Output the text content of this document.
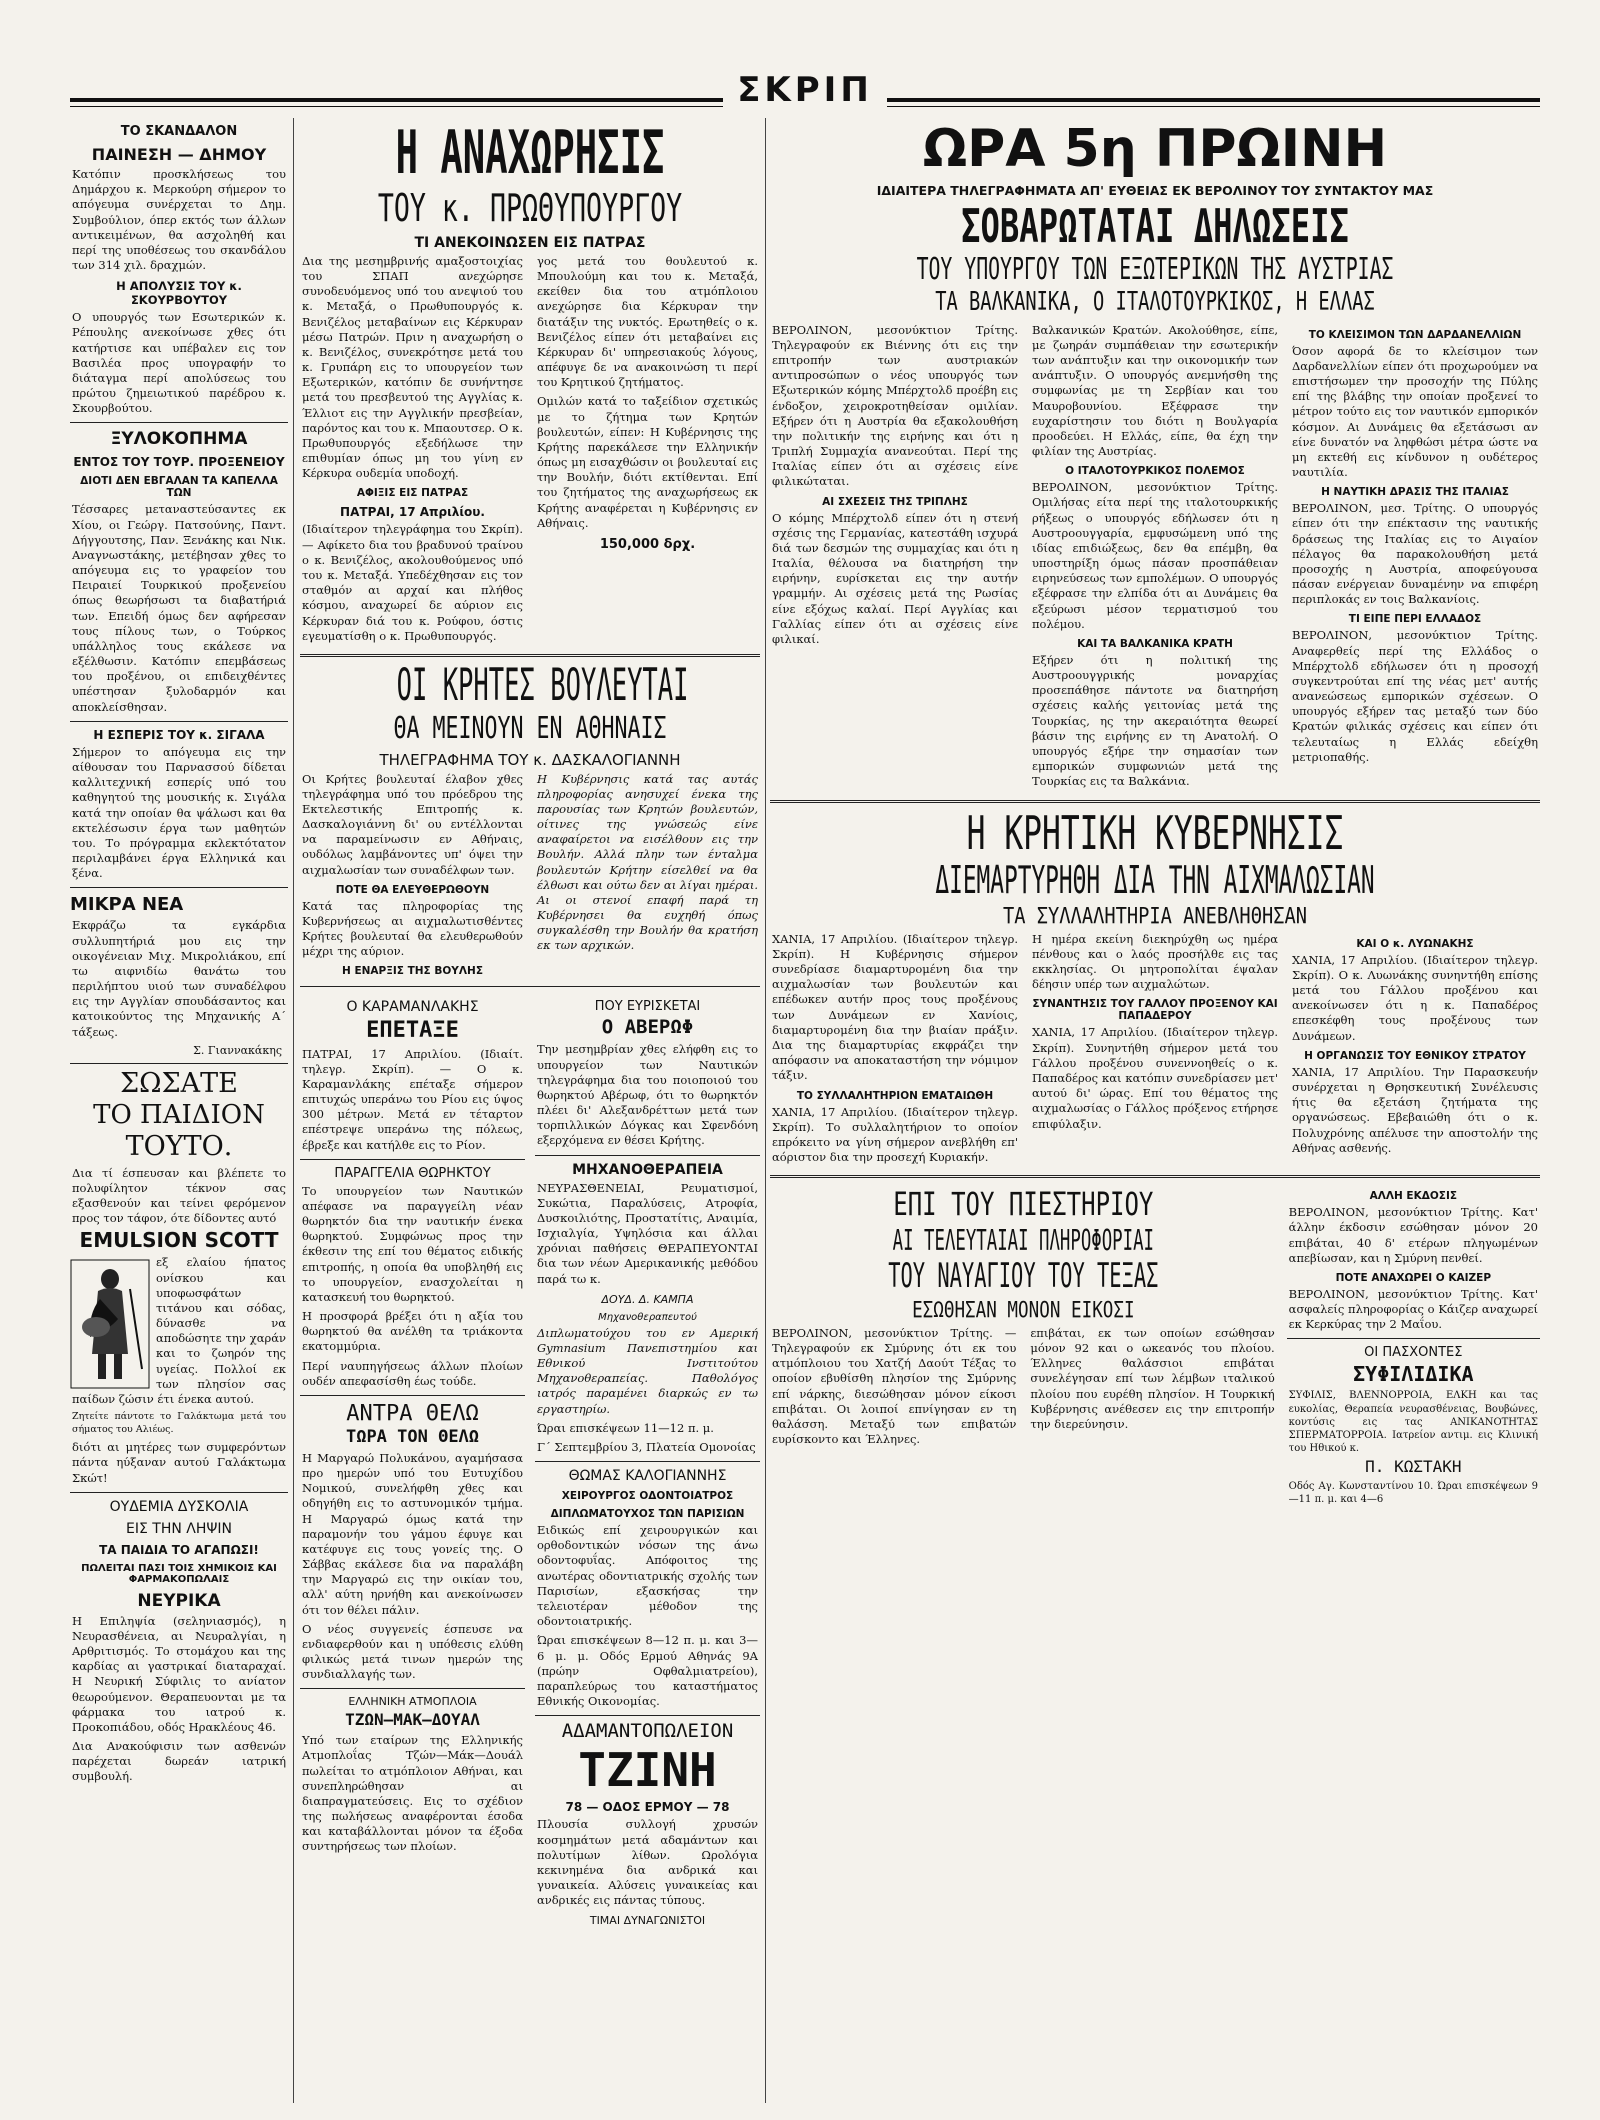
ΣΚΡΙΠ
ΤΟ ΣΚΑΝΔΑΛΟΝ
ΠΑΙΝΕΣΗ — ΔΗΜΟΥ

Κατόπιν προσκλήσεως του Δημάρχου κ. Μερκούρη σήμερον το απόγευμα συνέρχεται το Δημ. Συμβούλιον, όπερ εκτός των άλλων αντικειμένων, θα ασχοληθή και περί της υποθέσεως του σκανδάλου των 314 χιλ. δραχμών.

Η ΑΠΟΛΥΣΙΣ ΤΟΥ κ. ΣΚΟΥΡΒΟΥΤΟΥ

Ο υπουργός των Εσωτερικών κ. Ρέπουλης ανεκοίνωσε χθες ότι κατήρτισε και υπέβαλεν εις τον Βασιλέα προς υπογραφήν το διάταγμα περί απολύσεως του πρώτου ζημειωτικού παρέδρου κ. Σκουρβούτου.

ΞΥΛΟΚΟΠΗΜΑ
ΕΝΤΟΣ ΤΟΥ ΤΟΥΡ. ΠΡΟΞΕΝΕΙΟΥ
ΔΙΟΤΙ ΔΕΝ ΕΒΓΑΛΑΝ ΤΑ ΚΑΠΕΛΛΑ ΤΩΝ

Τέσσαρες μεταναστεύσαντες εκ Χίου, οι Γεώργ. Πατσούνης, Παντ. Δήγγουτσης, Παν. Ξενάκης και Νικ. Αναγνωστάκης, μετέβησαν χθες το απόγευμα εις το γραφείον του Πειραιεί Τουρκικού προξενείου όπως θεωρήσωσι τα διαβατήριά των. Επειδή όμως δεν αφήρεσαν τους πίλους των, ο Τούρκος υπάλληλος τους εκάλεσε να εξέλθωσιν. Κατόπιν επεμβάσεως του προξένου, οι επιδειχθέντες υπέστησαν ξυλοδαρμόν και αποκλείσθησαν.

Η ΕΣΠΕΡΙΣ ΤΟΥ κ. ΣΙΓΑΛΑ

Σήμερον το απόγευμα εις την αίθουσαν του Παρνασσού δίδεται καλλιτεχνική εσπερίς υπό του καθηγητού της μουσικής κ. Σιγάλα κατά την οποίαν θα ψάλωσι και θα εκτελέσωσιν έργα των μαθητών του. Το πρόγραμμα εκλεκτότατον περιλαμβάνει έργα Ελληνικά και ξένα.

ΜΙΚΡΑ ΝΕΑ

Εκφράζω τα εγκάρδια συλλυπητήριά μου εις την οικογένειαν Μιχ. Μικρολιάκου, επί τω αιφνιδίω θανάτω του περιλήπτου υιού των συναδέλφου εις την Αγγλίαν σπουδάσαντος και κατοικούντος της Μηχανικής Α΄ τάξεως.

Σ. Γιαννακάκης
ΣΩΣΑΤΕ
ΤΟ ΠΑΙΔΙΟΝ
ΤΟΥΤΟ.

Δια τί έσπευσαν και βλέπετε το πολυφίλητον τέκνον σας εξασθενούν και τείνει φερόμενον προς τον τάφον, ότε δίδοντες αυτό

EMULSION SCOTT

εξ ελαίου ήπατος ονίσκου και υποφωσφάτων τιτάνου και σόδας, δύνασθε να αποδώσητε την χαράν και το ζωηρόν της υγείας. Πολλοί εκ των πλησίον σας παίδων ζώσιν έτι ένεκα αυτού.

Ζητείτε πάντοτε το Γαλάκτωμα μετά του σήματος του Αλιέως.

διότι αι μητέρες των συμφερόντων πάντα ηύξαναν αυτού Γαλάκτωμα Σκώτ!

ΟΥΔΕΜΙΑ ΔΥΣΚΟΛΙΑ
ΕΙΣ ΤΗΝ ΛΗΨΙΝ
ΤΑ ΠΑΙΔΙΑ ΤΟ ΑΓΑΠΩΣΙ!
ΠΩΛΕΙΤΑΙ ΠΑΣΙ ΤΟΙΣ ΧΗΜΙΚΟΙΣ ΚΑΙ ΦΑΡΜΑΚΟΠΩΛΑΙΣ
ΝΕΥΡΙΚΑ

Η Επιληψία (σεληνιασμός), η Νευρασθένεια, αι Νευραλγίαι, η Αρθριτισμός. Το στομάχου και της καρδίας αι γαστρικαί διαταραχαί. Η Νευρική Σύφιλις το ανίατον θεωρούμενον. Θεραπευονται με τα φάρμακα του ιατρού κ. Προκοπιάδου, οδός Ηρακλέους 46.

Δια Ανακούφισιν των ασθενών παρέχεται δωρεάν ιατρική συμβουλή.

Η ΑΝΑΧΩΡΗΣΙΣ
ΤΟΥ κ. ΠΡΩΘΥΠΟΥΡΓΟΥ
ΤΙ ΑΝΕΚΟΙΝΩΣΕΝ ΕΙΣ ΠΑΤΡΑΣ

Δια της μεσημβρινής αμαξοστοιχίας του ΣΠΑΠ ανεχώρησε συνοδευόμενος υπό του ανεψιού του κ. Μεταξά, ο Πρωθυπουργός κ. Βενιζέλος μεταβαίνων εις Κέρκυραν μέσω Πατρών. Πριν η αναχωρήση ο κ. Βενιζέλος, συνεκρότησε μετά του κ. Γρυπάρη εις το υπουργείον των Εξωτερικών, κατόπιν δε συνήντησε μετά του πρεσβευτού της Αγγλίας κ. Έλλιοτ εις την Αγγλικήν πρεσβείαν, παρόντος και του κ. Μπαουτσερ. Ο κ. Πρωθυπουργός εξεδήλωσε την επιθυμίαν όπως μη του γίνη εν Κέρκυρα ουδεμία υποδοχή.

ΑΦΙΞΙΣ ΕΙΣ ΠΑΤΡΑΣ
ΠΑΤΡΑΙ, 17 Απριλίου.

(Ιδιαίτερον τηλεγράφημα του Σκρίπ). — Αφίκετο δια του βραδυνού τραίνου ο κ. Βενιζέλος, ακολουθούμενος υπό του κ. Μεταξά. Υπεδέχθησαν εις τον σταθμόν αι αρχαί και πλήθος κόσμου, αναχωρεί δε αύριον εις Κέρκυραν διά του κ. Ρούφου, όστις εγευματίσθη ο κ. Πρωθυπουργός.

γος μετά του θουλευτού κ. Μπουλούμη και του κ. Μεταξά, εκείθεν δια του ατμόπλοιου ανεχώρησε δια Κέρκυραν την διατάξιν της νυκτός. Ερωτηθείς ο κ. Βενιζέλος είπεν ότι μεταβαίνει εις Κέρκυραν δι' υπηρεσιακούς λόγους, απέφυγε δε να ανακοινώση τι περί του Κρητικού ζητήματος.

Ομιλών κατά το ταξείδιον σχετικώς με το ζήτημα των Κρητών βουλευτών, είπεν: Η Κυβέρνησις της Κρήτης παρεκάλεσε την Ελληνικήν όπως μη εισαχθώσιν οι βουλευταί εις την Βουλήν, διότι εκτίθενται. Επί του ζητήματος της αναχωρήσεως εκ Κρήτης αναφέρεται η Κυβέρνησις εν Αθήναις.

150,000 δρχ.
ΟΙ ΚΡΗΤΕΣ ΒΟΥΛΕΥΤΑΙ
ΘΑ ΜΕΙΝΟΥΝ ΕΝ ΑΘΗΝΑΙΣ
ΤΗΛΕΓΡΑΦΗΜΑ ΤΟΥ κ. ΔΑΣΚΑΛΟΓΙΑΝΝΗ

Οι Κρήτες βουλευταί έλαβον χθες τηλεγράφημα υπό του πρόεδρου της Εκτελεστικής Επιτροπής κ. Δασκαλογιάννη δι' ου εντέλλονται να παραμείνωσιν εν Αθήναις, ουδόλως λαμβάνοντες υπ' όψει την αιχμαλωσίαν των συναδέλφων των.

ΠΟΤΕ ΘΑ ΕΛΕΥΘΕΡΩΘΟΥΝ

Κατά τας πληροφορίας της Κυβερνήσεως αι αιχμαλωτισθέντες Κρήτες βουλευταί θα ελευθερωθούν μέχρι της αύριον.

Η ΕΝΑΡΞΙΣ ΤΗΣ ΒΟΥΛΗΣ

Η Κυβέρνησις κατά τας αυτάς πληροφορίας ανησυχεί ένεκα της παρουσίας των Κρητών βουλευτών, οίτινες της γνώσεώς είνε αναφαίρετοι να εισέλθουν εις την Βουλήν. Αλλά πλην των ένταλμα βουλευτών Κρήτην είσελθεί να θα έλθωσι και ούτω δεν αι λίγαι ημέραι. Αι οι στενοί επαφή παρά τη Κυβέρνησει θα ευχηθή όπως συγκαλέσθη την Βουλήν θα κρατήση εκ των αρχικών.

Ο ΚΑΡΑΜΑΝΛΑΚΗΣ
ΕΠΕΤΑΞΕ

ΠΑΤΡΑΙ, 17 Απριλίου. (Ιδιαίτ. τηλεγρ. Σκρίπ). — Ο κ. Καραμανλάκης επέταξε σήμερον επιτυχώς υπεράνω του Ρίου εις ύψος 300 μέτρων. Μετά εν τέταρτον επέστρεψε υπεράνω της πόλεως, έβρεξε και κατήλθε εις το Ρίον.

ΠΑΡΑΓΓΕΛΙΑ ΘΩΡΗΚΤΟΥ

Το υπουργείον των Ναυτικών απέφασε να παραγγείλη νέαν θωρηκτόν δια την ναυτικήν ένεκα θωρηκτού. Συμφώνως προς την έκθεσιν της επί του θέματος ειδικής επιτροπής, η οποία θα υποβληθή εις το υπουργείον, ενασχολείται η κατασκευή του θωρηκτού.

Η προσφορά βρέξει ότι η αξία του θωρηκτού θα ανέλθη τα τριάκοντα εκατομμύρια.

Περί ναυπηγήσεως άλλων πλοίων ουδέν απεφασίσθη έως τούδε.

ΑΝΤΡΑ ΘΕΛΩ
ΤΩΡΑ ΤΟΝ ΘΕΛΩ

Η Μαργαρώ Πολυκάνου, αγαμήσασα προ ημερών υπό του Ευτυχίδου Νομικού, συνελήφθη χθες και οδηγήθη εις το αστυνομικόν τμήμα. Η Μαργαρώ όμως κατά την παραμονήν του γάμου έφυγε και κατέφυγε εις τους γονείς της. Ο Σάββας εκάλεσε δια να παραλάβη την Μαργαρώ εις την οικίαν του, αλλ' αύτη ηρνήθη και ανεκοίνωσεν ότι τον θέλει πάλιν.

Ο νέος συγγενείς έσπευσε να ενδιαφερθούν και η υπόθεσις ελύθη φιλικώς μετά τινων ημερών της συνδιαλλαγής των.

ΕΛΛΗΝΙΚΗ ΑΤΜΟΠΛΟΙΑ
ΤΖΩΝ—ΜΑΚ—ΔΟΥΑΛ

Υπό των εταίρων της Ελληνικής Ατμοπλοΐας Τζών—Μάκ—Δουάλ πωλείται το ατμόπλοιον Αθήναι, και συνεπληρώθησαν αι διαπραγματεύσεις. Εις το σχέδιον της πωλήσεως αναφέρονται έσοδα και καταβάλλονται μόνον τα έξοδα συντηρήσεως των πλοίων.

ΠΟΥ ΕΥΡΙΣΚΕΤΑΙ
Ο ΑΒΕΡΩΦ

Την μεσημβρίαν χθες ελήφθη εις το υπουργείον των Ναυτικών τηλεγράφημα δια του ποιοποιού του θωρηκτού Αβέρωφ, ότι το θωρηκτόν πλέει δι' Αλεξανδρέττων μετά των τορπιλλικών Δόγκας και Σφενδόνη εξερχόμενα εν θέσει Κρήτης.

ΜΗΧΑΝΟΘΕΡΑΠΕΙΑ

ΝΕΥΡΑΣΘΕΝΕΙΑΙ, Ρευματισμοί, Συκώτια, Παραλύσεις, Ατροφία, Δυσκοιλιότης, Προστατίτις, Αναιμία, Ισχιαλγία, Υψηλόσια και άλλαι χρόνιαι παθήσεις ΘΕΡΑΠΕΥΟΝΤΑΙ δια των νέων Αμερικανικής μεθόδου παρά τω κ.

ΔΟΥΔ. Δ. ΚΑΜΠΑ
Μηχανοθεραπευτού

Διπλωματούχου του εν Αμερική Gymnasium Πανεπιστημίου και Εθνικού Ινστιτούτου Μηχανοθεραπείας. Παθολόγος ιατρός παραμένει διαρκώς εν τω εργαστηρίω.

Ώραι επισκέψεων 11—12 π. μ.

Γ΄ Σεπτεμβρίου 3, Πλατεία Ομονοίας

ΘΩΜΑΣ ΚΑΛΟΓΙΑΝΝΗΣ
ΧΕΙΡΟΥΡΓΟΣ ΟΔΟΝΤΟΙΑΤΡΟΣ
ΔΙΠΛΩΜΑΤΟΥΧΟΣ ΤΩΝ ΠΑΡΙΣΙΩΝ

Ειδικώς επί χειρουργικών και ορθοδοντικών νόσων της άνω οδοντοφυΐας. Απόφοιτος της ανωτέρας οδοντιατρικής σχολής των Παρισίων, εξασκήσας την τελειοτέραν μέθοδον της οδοντοιατρικής.

Ώραι επισκέψεων 8—12 π. μ. και 3—6 μ. μ. Οδός Ερμού Αθηνάς 9Α (πρώην Οφθαλμιατρείου), παραπλεύρως του καταστήματος Εθνικής Οικονομίας.

ΑΔΑΜΑΝΤΟΠΩΛΕΙΟΝ
ΤΖΙΝΗ
78 — ΟΔΟΣ ΕΡΜΟΥ — 78

Πλουσία συλλογή χρυσών κοσμημάτων μετά αδαμάντων και πολυτίμων λίθων. Ωρολόγια κεκινημένα δια ανδρικά και γυναικεία. Αλύσεις γυναικείας και ανδρικές εις πάντας τύπους.

ΤΙΜΑΙ ΔΥΝΑΓΩΝΙΣΤΟΙ
ΩΡΑ 5η ΠΡΩΙΝΗ
ΙΔΙΑΙΤΕΡΑ ΤΗΛΕΓΡΑΦΗΜΑΤΑ ΑΠ' ΕΥΘΕΙΑΣ ΕΚ ΒΕΡΟΛΙΝΟΥ ΤΟΥ ΣΥΝΤΑΚΤΟΥ ΜΑΣ
ΣΟΒΑΡΩΤΑΤΑΙ ΔΗΛΩΣΕΙΣ
ΤΟΥ ΥΠΟΥΡΓΟΥ ΤΩΝ ΕΞΩΤΕΡΙΚΩΝ ΤΗΣ ΑΥΣΤΡΙΑΣ
ΤΑ ΒΑΛΚΑΝΙΚΑ, Ο ΙΤΑΛΟΤΟΥΡΚΙΚΟΣ, Η ΕΛΛΑΣ

ΒΕΡΟΛΙΝΟΝ, μεσονύκτιον Τρίτης. Τηλεγραφούν εκ Βιέννης ότι εις την επιτροπήν των αυστριακών αντιπροσώπων ο νέος υπουργός των Εξωτερικών κόμης Μπέρχτολδ προέβη εις ένδοξον, χειροκροτηθείσαν ομιλίαν. Εξήρεν ότι η Αυστρία θα εξακολουθήση την πολιτικήν της ειρήνης και ότι η Τριπλή Συμμαχία ανανεούται. Περί της Ιταλίας είπεν ότι αι σχέσεις είνε φιλικώταται.

ΑΙ ΣΧΕΣΕΙΣ ΤΗΣ ΤΡΙΠΛΗΣ

Ο κόμης Μπέρχτολδ είπεν ότι η στενή σχέσις της Γερμανίας, κατεστάθη ισχυρά διά των δεσμών της συμμαχίας και ότι η Ιταλία, θέλουσα να διατηρήση την ειρήνην, ευρίσκεται εις την αυτήν γραμμήν. Αι σχέσεις μετά της Ρωσίας είνε εξόχως καλαί. Περί Αγγλίας και Γαλλίας είπεν ότι αι σχέσεις είνε φιλικαί.

Βαλκανικών Κρατών. Ακολούθησε, είπε, με ζωηράν συμπάθειαν την εσωτερικήν των ανάπτυξιν και την οικονομικήν των ανάπτυξιν. Ο υπουργός ανεμνήσθη της συμφωνίας με τη Σερβίαν και του Μαυροβουνίου. Εξέφρασε την ευχαρίστησιν του διότι η Βουλγαρία προοδεύει. Η Ελλάς, είπε, θα έχη την φιλίαν της Αυστρίας.

Ο ΙΤΑΛΟΤΟΥΡΚΙΚΟΣ ΠΟΛΕΜΟΣ

ΒΕΡΟΛΙΝΟΝ, μεσονύκτιον Τρίτης. Ομιλήσας είτα περί της ιταλοτουρκικής ρήξεως ο υπουργός εδήλωσεν ότι η Αυστροουγγαρία, εμφυσώμενη υπό της ιδίας επιδιώξεως, δεν θα επέμβη, θα υποστηρίξη όμως πάσαν προσπάθειαν ειρηνεύσεως των εμπολέμων. Ο υπουργός εξέφρασε την ελπίδα ότι αι Δυνάμεις θα εξεύρωσι μέσον τερματισμού του πολέμου.

ΚΑΙ ΤΑ ΒΑΛΚΑΝΙΚΑ ΚΡΑΤΗ

Εξήρεν ότι η πολιτική της Αυστροουγγρικής μοναρχίας προσεπάθησε πάντοτε να διατηρήση σχέσεις καλής γειτονίας μετά της Τουρκίας, ης την ακεραιότητα θεωρεί βάσιν της ειρήνης εν τη Ανατολή. Ο υπουργός εξήρε την σημασίαν των εμπορικών συμφωνιών μετά της Τουρκίας εις τα Βαλκάνια.

ΤΟ ΚΛΕΙΣΙΜΟΝ ΤΩΝ ΔΑΡΔΑΝΕΛΛΙΩΝ

Όσον αφορά δε το κλείσιμον των Δαρδανελλίων είπεν ότι προχωρούμεν να επιστήσωμεν την προσοχήν της Πύλης επί της βλάβης την οποίαν προξενεί το μέτρον τούτο εις τον ναυτικόν εμπορικόν κόσμον. Αι Δυνάμεις θα εξετάσωσι αν είνε δυνατόν να ληφθώσι μέτρα ώστε να μη εκτεθή εις κίνδυνον η ουδέτερος ναυτιλία.

Η ΝΑΥΤΙΚΗ ΔΡΑΣΙΣ ΤΗΣ ΙΤΑΛΙΑΣ

ΒΕΡΟΛΙΝΟΝ, μεσ. Τρίτης. Ο υπουργός είπεν ότι την επέκτασιν της ναυτικής δράσεως της Ιταλίας εις το Αιγαίον πέλαγος θα παρακολουθήση μετά προσοχής η Αυστρία, αποφεύγουσα πάσαν ενέργειαν δυναμένην να επιφέρη περιπλοκάς εν τοις Βαλκανίοις.

ΤΙ ΕΙΠΕ ΠΕΡΙ ΕΛΛΑΔΟΣ

ΒΕΡΟΛΙΝΟΝ, μεσονύκτιον Τρίτης. Αναφερθείς περί της Ελλάδος ο Μπέρχτολδ εδήλωσεν ότι η προσοχή συγκεντρούται επί της νέας μετ' αυτής ανανεώσεως εμπορικών σχέσεων. Ο υπουργός εξήρεν τας μεταξύ των δύο Κρατών φιλικάς σχέσεις και είπεν ότι τελευταίως η Ελλάς εδείχθη μετριοπαθής.

Η ΚΡΗΤΙΚΗ ΚΥΒΕΡΝΗΣΙΣ
ΔΙΕΜΑΡΤΥΡΗΘΗ ΔΙΑ ΤΗΝ ΑΙΧΜΑΛΩΣΙΑΝ
ΤΑ ΣΥΛΛΑΛΗΤΗΡΙΑ ΑΝΕΒΛΗΘΗΣΑΝ

ΧΑΝΙΑ, 17 Απριλίου. (Ιδιαίτερον τηλεγρ. Σκρίπ). Η Κυβέρνησις σήμερον συνεδρίασε διαμαρτυρομένη δια την αιχμαλωσίαν των βουλευτών και επέδωκεν αυτήν προς τους προξένους των Δυνάμεων εν Χανίοις, διαμαρτυρομένη δια την βιαίαν πράξιν. Δια της διαμαρτυρίας εκφράζει την απόφασιν να αποκαταστήση την νόμιμον τάξιν.

ΤΟ ΣΥΛΛΑΛΗΤΗΡΙΟΝ ΕΜΑΤΑΙΩΘΗ

ΧΑΝΙΑ, 17 Απριλίου. (Ιδιαίτερον τηλεγρ. Σκρίπ). Το συλλαλητήριον το οποίον επρόκειτο να γίνη σήμερον ανεβλήθη επ' αόριστον δια την προσεχή Κυριακήν.

Η ημέρα εκείνη διεκηρύχθη ως ημέρα πένθους και ο λαός προσήλθε εις τας εκκλησίας. Οι μητροπολίται έψαλαν δέησιν υπέρ των αιχμαλώτων.

ΣΥΝΑΝΤΗΣΙΣ ΤΟΥ ΓΑΛΛΟΥ ΠΡΟΞΕΝΟΥ ΚΑΙ ΠΑΠΑΔΕΡΟΥ

ΧΑΝΙΑ, 17 Απριλίου. (Ιδιαίτερον τηλεγρ. Σκρίπ). Συνηντήθη σήμερον μετά του Γάλλου προξένου συνεννοηθείς ο κ. Παπαδέρος και κατόπιν συνεδρίασεν μετ' αυτού δι' ώρας. Επί του θέματος της αιχμαλωσίας ο Γάλλος πρόξενος ετήρησε επιφύλαξιν.

ΚΑΙ Ο κ. ΛΥΩΝΑΚΗΣ

ΧΑΝΙΑ, 17 Απριλίου. (Ιδιαίτερον τηλεγρ. Σκρίπ). Ο κ. Λυωνάκης συνηντήθη επίσης μετά του Γάλλου προξένου και ανεκοίνωσεν ότι η κ. Παπαδέρος επεσκέφθη τους προξένους των Δυνάμεων.

Η ΟΡΓΑΝΩΣΙΣ ΤΟΥ ΕΘΝΙΚΟΥ ΣΤΡΑΤΟΥ

ΧΑΝΙΑ, 17 Απριλίου. Την Παρασκευήν συνέρχεται η Θρησκευτική Συνέλευσις ήτις θα εξετάση ζητήματα της οργανώσεως. Εβεβαιώθη ότι ο κ. Πολυχρόνης απέλυσε την αποστολήν της Αθήνας ασθενής.

ΕΠΙ ΤΟΥ ΠΙΕΣΤΗΡΙΟΥ
ΑΙ ΤΕΛΕΥΤΑΙΑΙ ΠΛΗΡΟΦΟΡΙΑΙ
ΤΟΥ ΝΑΥΑΓΙΟΥ ΤΟΥ ΤΕΞΑΣ
ΕΣΩΘΗΣΑΝ ΜΟΝΟΝ ΕΙΚΟΣΙ

ΒΕΡΟΛΙΝΟΝ, μεσονύκτιον Τρίτης. — Τηλεγραφούν εκ Σμύρνης ότι εκ του ατμόπλοιου του Χατζή Δαούτ Τέξας το οποίον εβυθίσθη πλησίον της Σμύρνης επί νάρκης, διεσώθησαν μόνον είκοσι επιβάται. Οι λοιποί επνίγησαν εν τη θαλάσση. Μεταξύ των επιβατών ευρίσκοντο και Έλληνες.

επιβάται, εκ των οποίων εσώθησαν μόνον 92 και ο ωκεανός του πλοίου. Έλληνες θαλάσσιοι επιβάται συνελέγησαν επί των λέμβων ιταλικού πλοίου που ευρέθη πλησίον. Η Τουρκική Κυβέρνησις ανέθεσεν εις την επιτροπήν την διερεύνησιν.

ΑΛΛΗ ΕΚΔΟΣΙΣ

ΒΕΡΟΛΙΝΟΝ, μεσονύκτιον Τρίτης. Κατ' άλλην έκδοσιν εσώθησαν μόνον 20 επιβάται, 40 δ' ετέρων πληγωμένων απεβίωσαν, και η Σμύρνη πενθεί.

ΠΟΤΕ ΑΝΑΧΩΡΕΙ Ο ΚΑΙΖΕΡ

ΒΕΡΟΛΙΝΟΝ, μεσονύκτιον Τρίτης. Κατ' ασφαλείς πληροφορίας ο Κάιζερ αναχωρεί εκ Κερκύρας την 2 Μαΐου.

ΟΙ ΠΑΣΧΟΝΤΕΣ
ΣΥΦΙΛΙΔΙΚΑ

ΣΥΦΙΛΙΣ, ΒΛΕΝΝΟΡΡΟΙΑ, ΕΛΚΗ και τας ευκολίας, Θεραπεία νευρασθένειας, Βουβώνες, κοντύσις εις τας ΑΝΙΚΑΝΟΤΗΤΑΣ ΣΠΕΡΜΑΤΟΡΡΟΙΑ. Ιατρείον αντιμ. εις Κλινική του Ηθικού κ.

Π. ΚΩΣΤΑΚΗ

Οδός Αγ. Κωνσταντίνου 10. Ώραι επισκέψεων 9—11 π. μ. και 4—6
